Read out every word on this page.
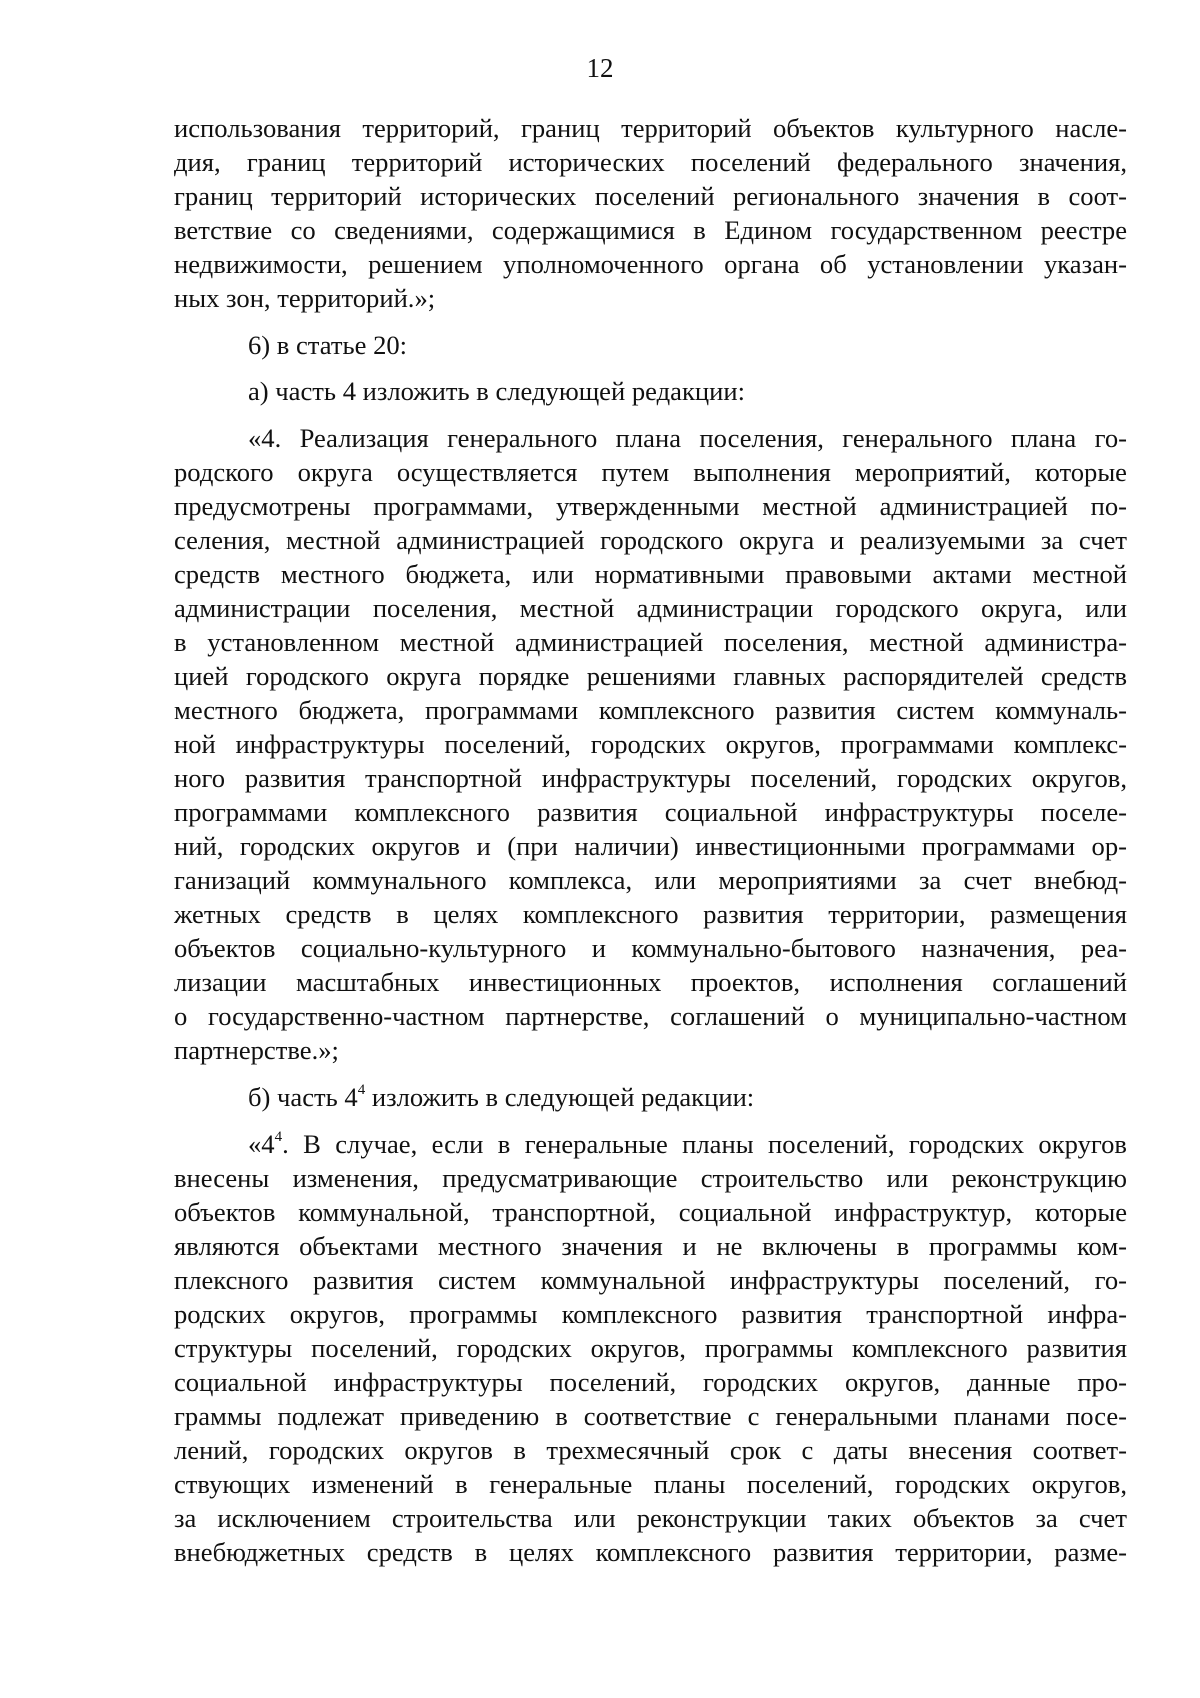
12
использования территорий, границ территорий объектов культурного насле-
дия, границ территорий исторических поселений федерального значения,
границ территорий исторических поселений регионального значения в соот-
ветствие со сведениями, содержащимися в Едином государственном реестре
недвижимости, решением уполномоченного органа об установлении указан-
ных зон, территорий.»;
6) в статье 20:
а) часть 4 изложить в следующей редакции:
«4. Реализация генерального плана поселения, генерального плана го-
родского округа осуществляется путем выполнения мероприятий, которые
предусмотрены программами, утвержденными местной администрацией по-
селения, местной администрацией городского округа и реализуемыми за счет
средств местного бюджета, или нормативными правовыми актами местной
администрации поселения, местной администрации городского округа, или
в установленном местной администрацией поселения, местной администра-
цией городского округа порядке решениями главных распорядителей средств
местного бюджета, программами комплексного развития систем коммуналь-
ной инфраструктуры поселений, городских округов, программами комплекс-
ного развития транспортной инфраструктуры поселений, городских округов,
программами комплексного развития социальной инфраструктуры поселе-
ний, городских округов и (при наличии) инвестиционными программами ор-
ганизаций коммунального комплекса, или мероприятиями за счет внебюд-
жетных средств в целях комплексного развития территории, размещения
объектов социально-культурного и коммунально-бытового назначения, реа-
лизации масштабных инвестиционных проектов, исполнения соглашений
о государственно-частном партнерстве, соглашений о муниципально-частном
партнерстве.»;
б) часть $4^4$ изложить в следующей редакции:
«$4^4$. В случае, если в генеральные планы поселений, городских округов
внесены изменения, предусматривающие строительство или реконструкцию
объектов коммунальной, транспортной, социальной инфраструктур, которые
являются объектами местного значения и не включены в программы ком-
плексного развития систем коммунальной инфраструктуры поселений, го-
родских округов, программы комплексного развития транспортной инфра-
структуры поселений, городских округов, программы комплексного развития
социальной инфраструктуры поселений, городских округов, данные про-
граммы подлежат приведению в соответствие с генеральными планами посе-
лений, городских округов в трехмесячный срок с даты внесения соответ-
ствующих изменений в генеральные планы поселений, городских округов,
за исключением строительства или реконструкции таких объектов за счет
внебюджетных средств в целях комплексного развития территории, разме-
